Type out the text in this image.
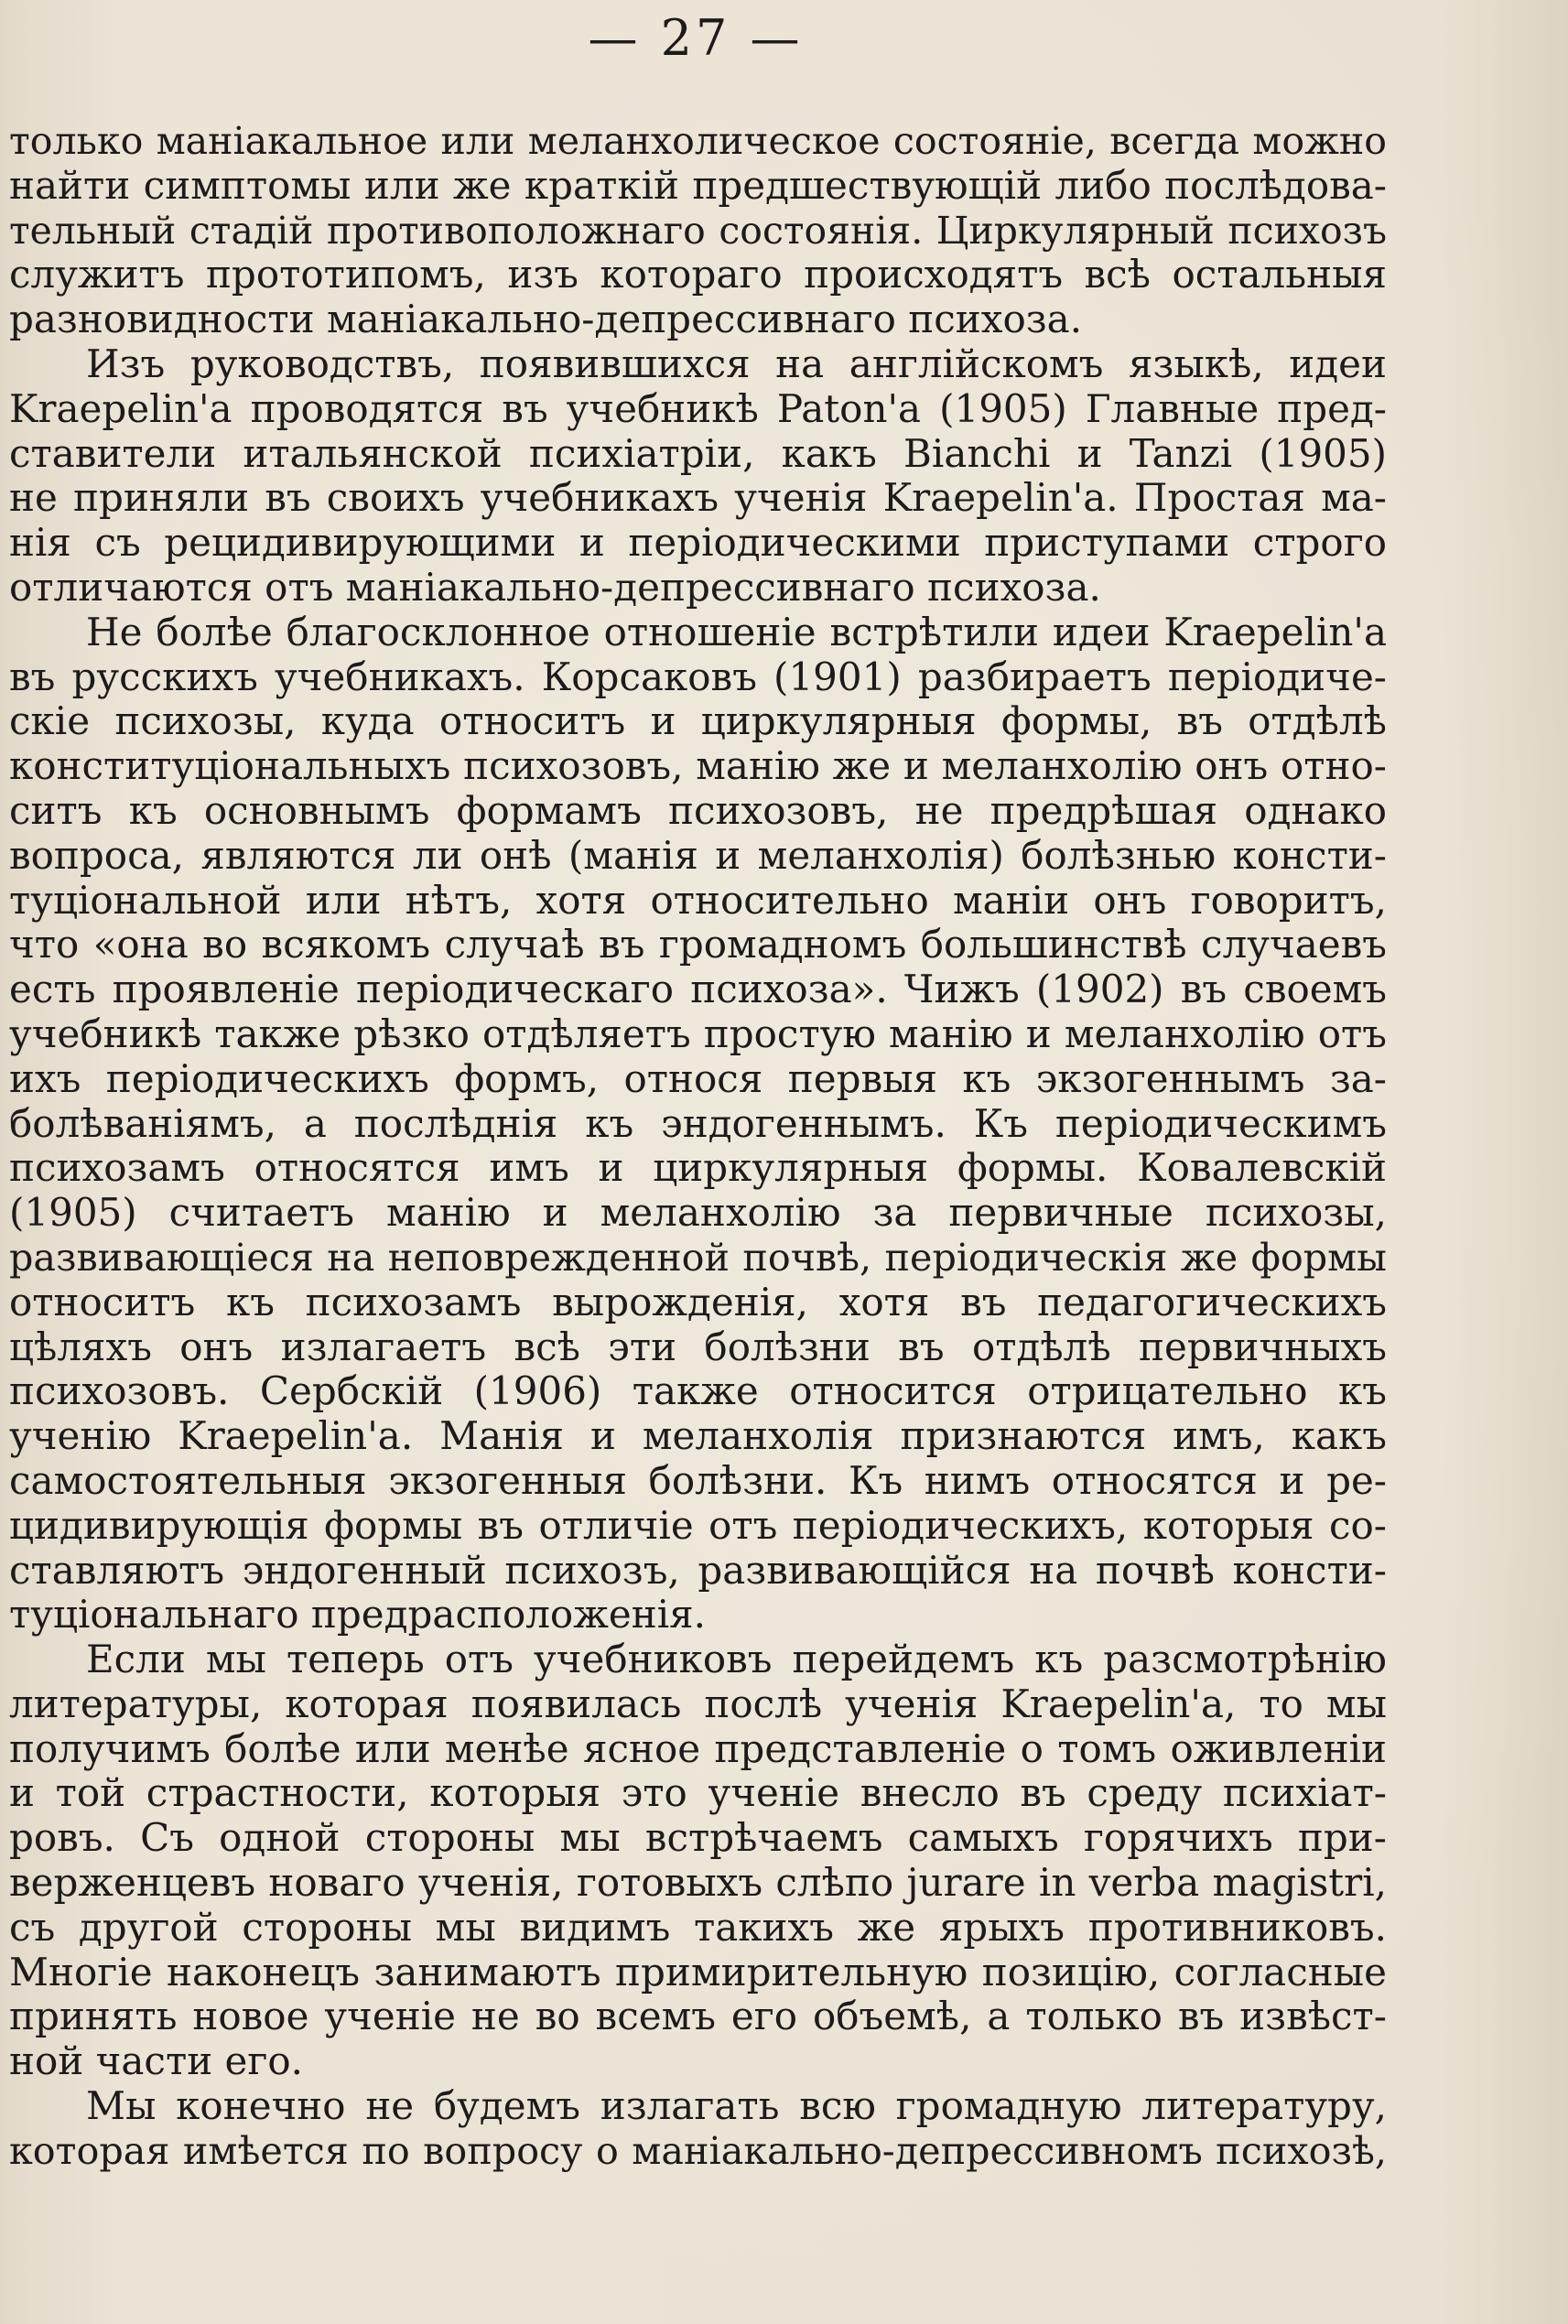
— 27 —

только маніакальное или меланхолическое состояніе, всегда можно
найти симптомы или же краткій предшествующій либо послѣдова-
тельный стадій противоположнаго состоянія. Циркулярный психозъ
служитъ прототипомъ, изъ котораго происходятъ всѣ остальныя
разновидности маніакально-депрессивнаго психоза.

Изъ руководствъ, появившихся на англійскомъ языкѣ, идеи
Kraepelin'а проводятся въ учебникѣ Paton'а (1905) Главные пред-
ставители итальянской психіатріи, какъ Bianchi и Tanzi (1905)
не приняли въ своихъ учебникахъ ученія Kraepelin'а. Простая ма-
нія съ рецидивирующими и періодическими приступами строго
отличаются отъ маніакально-депрессивнаго психоза.

Не болѣе благосклонное отношеніе встрѣтили идеи Kraepelin'а
въ русскихъ учебникахъ. Корсаковъ (1901) разбираетъ періодиче-
скіе психозы, куда относитъ и циркулярныя формы, въ отдѣлѣ
конституціональныхъ психозовъ, манію же и меланхолію онъ отно-
ситъ къ основнымъ формамъ психозовъ, не предрѣшая однако
вопроса, являются ли онѣ (манія и меланхолія) болѣзнью консти-
туціональной или нѣтъ, хотя относительно маніи онъ говоритъ,
что «она во всякомъ случаѣ въ громадномъ большинствѣ случаевъ
есть проявленіе періодическаго психоза». Чижъ (1902) въ своемъ
учебникѣ также рѣзко отдѣляетъ простую манію и меланхолію отъ
ихъ періодическихъ формъ, относя первыя къ экзогеннымъ за-
болѣваніямъ, а послѣднія къ эндогеннымъ. Къ періодическимъ
психозамъ относятся имъ и циркулярныя формы. Ковалевскій
(1905) считаетъ манію и меланхолію за первичные психозы,
развивающіеся на неповрежденной почвѣ, періодическія же формы
относитъ къ психозамъ вырожденія, хотя въ педагогическихъ
цѣляхъ онъ излагаетъ всѣ эти болѣзни въ отдѣлѣ первичныхъ
психозовъ. Сербскій (1906) также относится отрицательно къ
ученію Kraepelin'а. Манія и меланхолія признаются имъ, какъ
самостоятельныя экзогенныя болѣзни. Къ нимъ относятся и ре-
цидивирующія формы въ отличіе отъ періодическихъ, которыя со-
ставляютъ эндогенный психозъ, развивающійся на почвѣ консти-
туціональнаго предрасположенія.

Если мы теперь отъ учебниковъ перейдемъ къ разсмотрѣнію
литературы, которая появилась послѣ ученія Kraepelin'а, то мы
получимъ болѣе или менѣе ясное представленіе о томъ оживленіи
и той страстности, которыя это ученіе внесло въ среду психіат-
ровъ. Съ одной стороны мы встрѣчаемъ самыхъ горячихъ при-
верженцевъ новаго ученія, готовыхъ слѣпо jurare in verba magistri,
съ другой стороны мы видимъ такихъ же ярыхъ противниковъ.
Многіе наконецъ занимаютъ примирительную позицію, согласные
принять новое ученіе не во всемъ его объемѣ, а только въ извѣст-
ной части его.

Мы конечно не будемъ излагать всю громадную литературу,
которая имѣется по вопросу о маніакально-депрессивномъ психозѣ,
